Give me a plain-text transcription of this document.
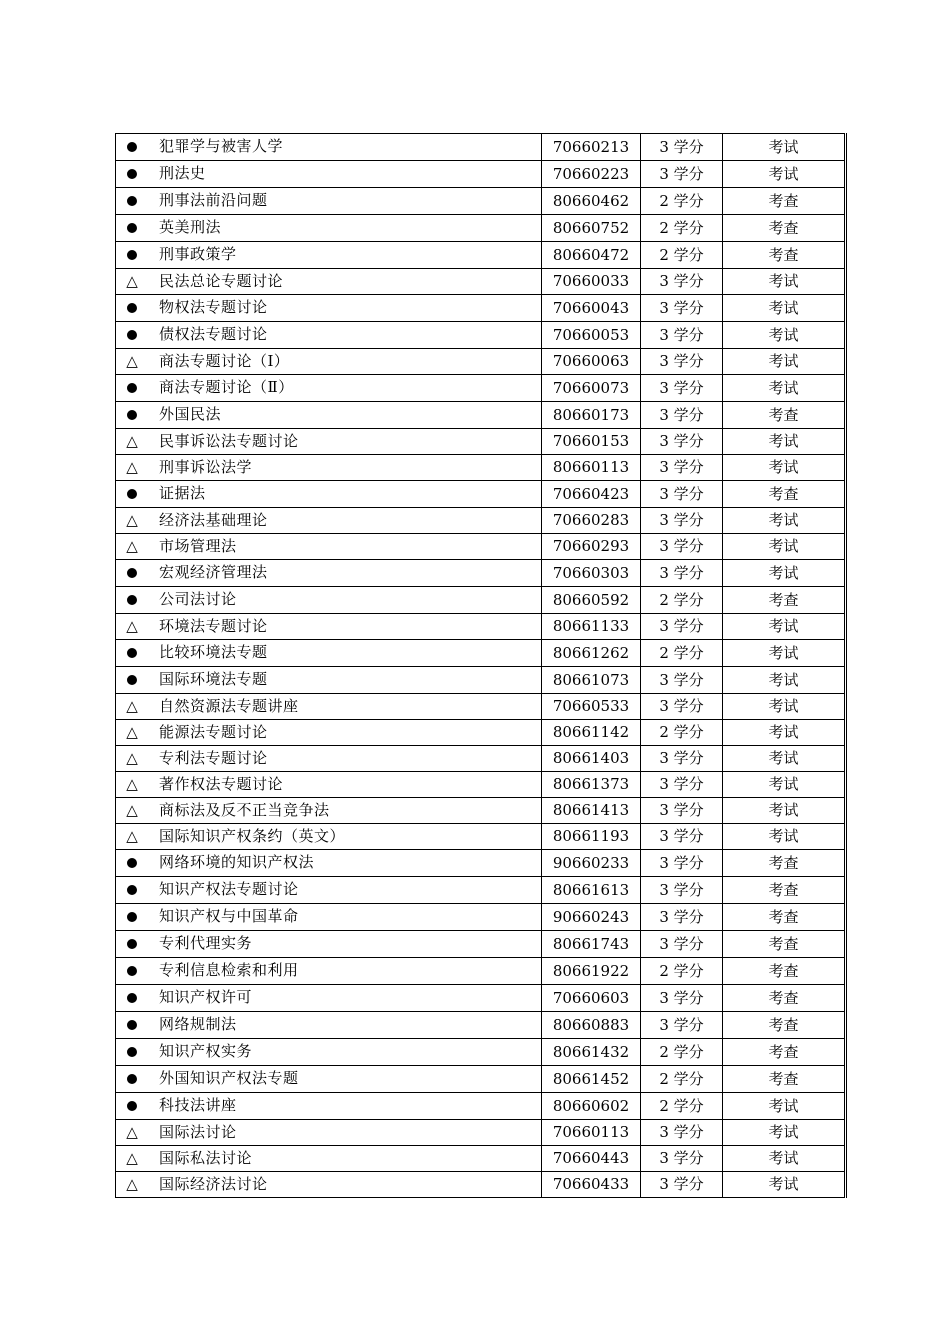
犯罪学与被害人学	70660213	3 学分	考试
刑法史	70660223	3 学分	考试
刑事法前沿问题	80660462	2 学分	考查
英美刑法	80660752	2 学分	考查
刑事政策学	80660472	2 学分	考查
△ 民法总论专题讨论	70660033	3 学分	考试
物权法专题讨论	70660043	3 学分	考试
债权法专题讨论	70660053	3 学分	考试
△ 商法专题讨论（Ⅰ）	70660063	3 学分	考试
商法专题讨论（Ⅱ）	70660073	3 学分	考试
外国民法	80660173	3 学分	考查
△ 民事诉讼法专题讨论	70660153	3 学分	考试
△ 刑事诉讼法学	80660113	3 学分	考试
证据法	70660423	3 学分	考查
△ 经济法基础理论	70660283	3 学分	考试
△ 市场管理法	70660293	3 学分	考试
宏观经济管理法	70660303	3 学分	考试
公司法讨论	80660592	2 学分	考查
△ 环境法专题讨论	80661133	3 学分	考试
比较环境法专题	80661262	2 学分	考试
国际环境法专题	80661073	3 学分	考试
△ 自然资源法专题讲座	70660533	3 学分	考试
△ 能源法专题讨论	80661142	2 学分	考试
△ 专利法专题讨论	80661403	3 学分	考试
△ 著作权法专题讨论	80661373	3 学分	考试
△ 商标法及反不正当竞争法	80661413	3 学分	考试
△ 国际知识产权条约（英文）	80661193	3 学分	考试
网络环境的知识产权法	90660233	3 学分	考查
知识产权法专题讨论	80661613	3 学分	考查
知识产权与中国革命	90660243	3 学分	考查
专利代理实务	80661743	3 学分	考查
专利信息检索和利用	80661922	2 学分	考查
知识产权许可	70660603	3 学分	考查
网络规制法	80660883	3 学分	考查
知识产权实务	80661432	2 学分	考查
外国知识产权法专题	80661452	2 学分	考查
科技法讲座	80660602	2 学分	考试
△ 国际法讨论	70660113	3 学分	考试
△ 国际私法讨论	70660443	3 学分	考试
△ 国际经济法讨论	70660433	3 学分	考试
